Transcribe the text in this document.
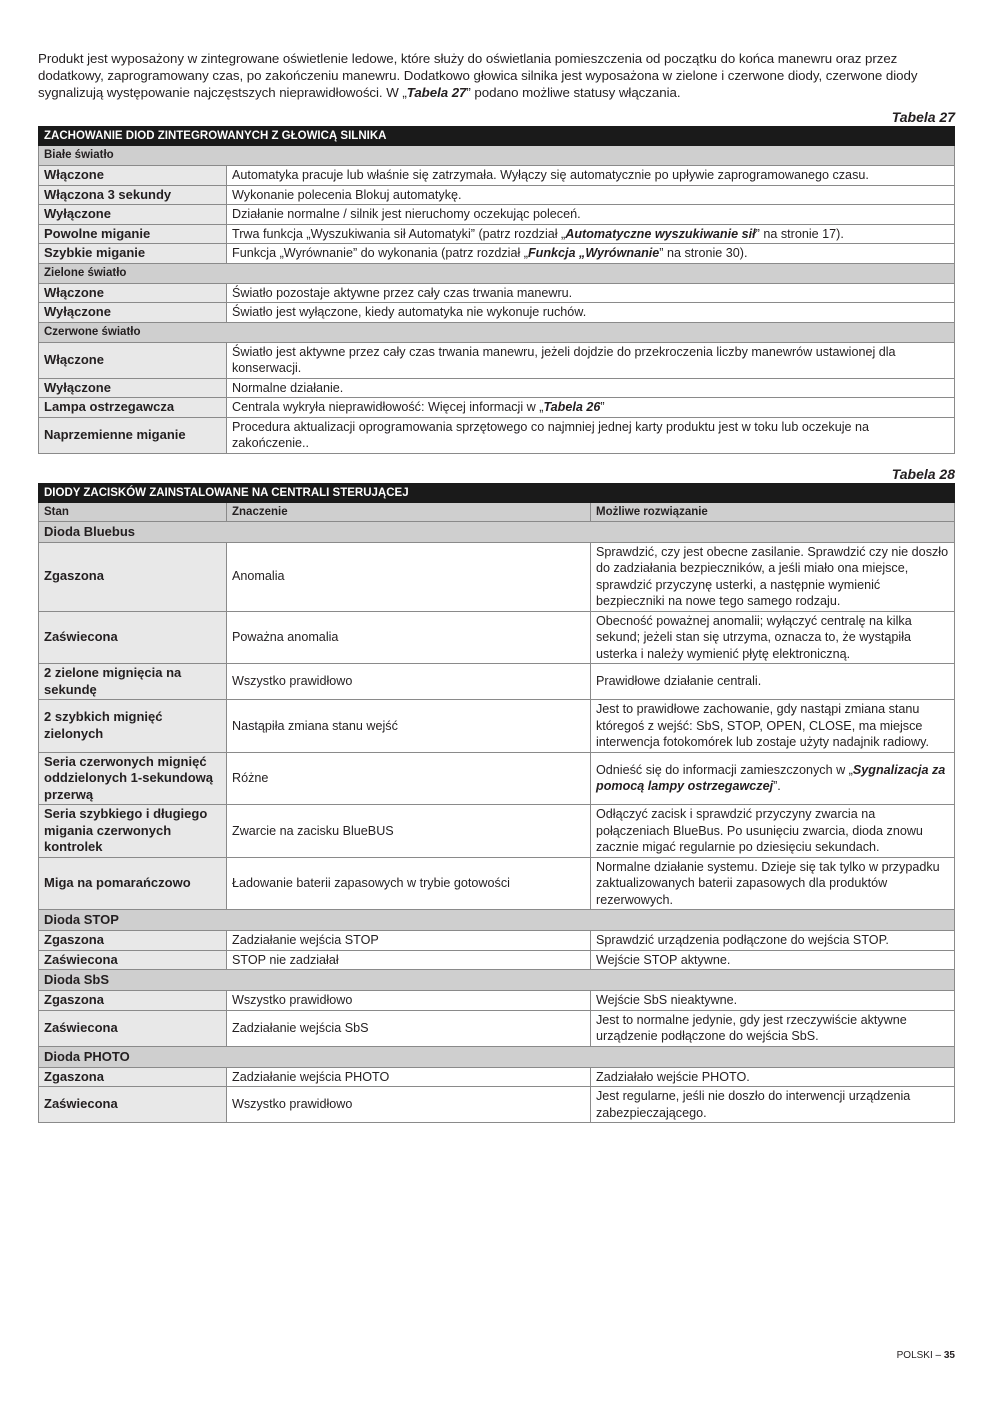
Produkt jest wyposażony w zintegrowane oświetlenie ledowe, które służy do oświetlania pomieszczenia od początku do końca manewru oraz przez dodatkowy, zaprogramowany czas, po zakończeniu manewru. Dodatkowo głowica silnika jest wyposażona w zielone i czerwone diody, czerwone diody sygnalizują występowanie najczęstszych nieprawidłowości. W „Tabela 27” podano możliwe statusy włączania.

Tabela 27

ZACHOWANIE DIOD ZINTEGROWANYCH Z GŁOWICĄ SILNIKA	
Białe światło	
Włączone	Automatyka pracuje lub właśnie się zatrzymała. Wyłączy się automatycznie po upływie zaprogramowanego czasu.
Włączona 3 sekundy	Wykonanie polecenia Blokuj automatykę.
Wyłączone	Działanie normalne / silnik jest nieruchomy oczekując poleceń.
Powolne miganie	Trwa funkcja „Wyszukiwania sił Automatyki” (patrz rozdział „Automatyczne wyszukiwanie sił” na stronie 17).
Szybkie miganie	Funkcja „Wyrównanie” do wykonania (patrz rozdział „Funkcja „Wyrównanie” na stronie 30).
Zielone światło	
Włączone	Światło pozostaje aktywne przez cały czas trwania manewru.
Wyłączone	Światło jest wyłączone, kiedy automatyka nie wykonuje ruchów.
Czerwone światło	
Włączone	Światło jest aktywne przez cały czas trwania manewru, jeżeli dojdzie do przekroczenia liczby manewrów ustawionej dla konserwacji.
Wyłączone	Normalne działanie.
Lampa ostrzegawcza	Centrala wykryła nieprawidłowość: Więcej informacji w „Tabela 26”
Naprzemienne miganie	Procedura aktualizacji oprogramowania sprzętowego co najmniej jednej karty produktu jest w toku lub oczekuje na zakończenie..

Tabela 28

DIODY ZACISKÓW ZAINSTALOWANE NA CENTRALI STERUJĄCEJ		
Stan	Znaczenie	Możliwe rozwiązanie
Dioda Bluebus		
Zgaszona	Anomalia	Sprawdzić, czy jest obecne zasilanie. Sprawdzić czy nie doszło do zadziałania bezpieczników, a jeśli miało ona miejsce, sprawdzić przyczynę usterki, a następnie wymienić bezpieczniki na nowe tego samego rodzaju.
Zaświecona	Poważna anomalia	Obecność poważnej anomalii; wyłączyć centralę na kilka sekund; jeżeli stan się utrzyma, oznacza to, że wystąpiła usterka i należy wymienić płytę elektroniczną.
2 zielone mignięcia na sekundę	Wszystko prawidłowo	Prawidłowe działanie centrali.
2 szybkich mignięć zielonych	Nastąpiła zmiana stanu wejść	Jest to prawidłowe zachowanie, gdy nastąpi zmiana stanu któregoś z wejść: SbS, STOP, OPEN, CLOSE, ma miejsce interwencja fotokomórek lub zostaje użyty nadajnik radiowy.
Seria czerwonych mignięć oddzielonych 1-sekundową przerwą	Różne	Odnieść się do informacji zamieszczonych w „Sygnalizacja za pomocą lampy ostrzegawczej”.
Seria szybkiego i długiego migania czerwonych kontrolek	Zwarcie na zacisku BlueBUS	Odłączyć zacisk i sprawdzić przyczyny zwarcia na połączeniach BlueBus. Po usunięciu zwarcia, dioda znowu zacznie migać regularnie po dziesięciu sekundach.
Miga na pomarańczowo	Ładowanie baterii zapasowych w trybie gotowości	Normalne działanie systemu. Dzieje się tak tylko w przypadku zaktualizowanych baterii zapasowych dla produktów rezerwowych.
Dioda STOP		
Zgaszona	Zadziałanie wejścia STOP	Sprawdzić urządzenia podłączone do wejścia STOP.
Zaświecona	STOP nie zadziałał	Wejście STOP aktywne.
Dioda SbS		
Zgaszona	Wszystko prawidłowo	Wejście SbS nieaktywne.
Zaświecona	Zadziałanie wejścia SbS	Jest to normalne jedynie, gdy jest rzeczywiście aktywne urządzenie podłączone do wejścia SbS.
Dioda PHOTO		
Zgaszona	Zadziałanie wejścia PHOTO	Zadziałało wejście PHOTO.
Zaświecona	Wszystko prawidłowo	Jest regularne, jeśli nie doszło do interwencji urządzenia zabezpieczającego.
POLSKI – 35
